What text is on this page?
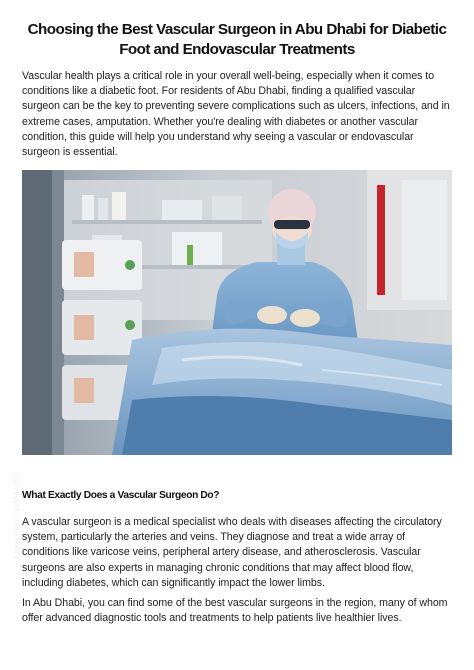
Choosing the Best Vascular Surgeon in Abu Dhabi for Diabetic Foot and Endovascular Treatments

Vascular health plays a critical role in your overall well-being, especially when it comes to conditions like a diabetic foot. For residents of Abu Dhabi, finding a qualified vascular surgeon can be the key to preventing severe complications such as ulcers, infections, and in extreme cases, amputation. Whether you're dealing with diabetes or another vascular condition, this guide will help you understand why seeing a vascular or endovascular surgeon is essential.

Adobe Stock | #396677527 What Exactly Does a Vascular Surgeon Do?

A vascular surgeon is a medical specialist who deals with diseases affecting the circulatory system, particularly the arteries and veins. They diagnose and treat a wide array of conditions like varicose veins, peripheral artery disease, and atherosclerosis. Vascular surgeons are also experts in managing chronic conditions that may affect blood flow, including diabetes, which can significantly impact the lower limbs.

In Abu Dhabi, you can find some of the best vascular surgeons in the region, many of whom offer advanced diagnostic tools and treatments to help patients live healthier lives.
